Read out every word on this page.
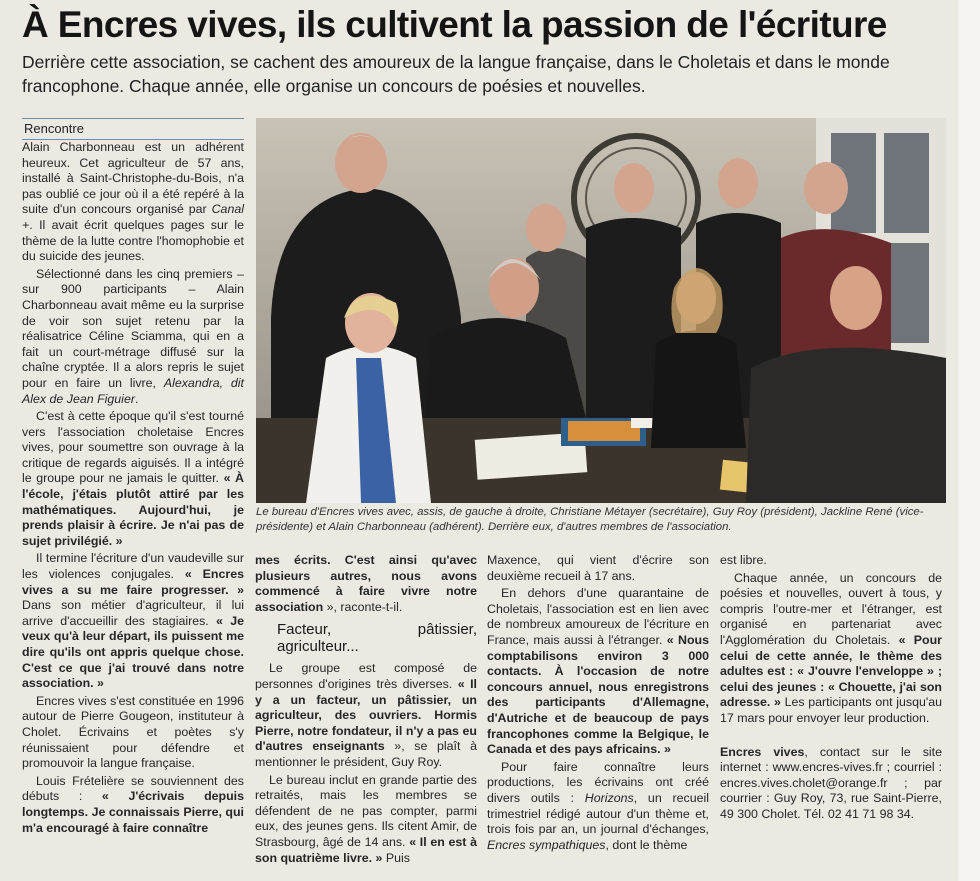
À Encres vives, ils cultivent la passion de l'écriture
Derrière cette association, se cachent des amoureux de la langue française, dans le Choletais et dans le monde francophone. Chaque année, elle organise un concours de poésies et nouvelles.
Rencontre
Le bureau d'Encres vives avec, assis, de gauche à droite, Christiane Métayer (secrétaire), Guy Roy (président), Jackline René (vice-présidente) et Alain Charbonneau (adhérent). Derrière eux, d'autres membres de l'association.

Alain Charbonneau est un adhérent heureux. Cet agriculteur de 57 ans, installé à Saint-Christophe-du-Bois, n'a pas oublié ce jour où il a été repéré à la suite d'un concours organisé par Canal +. Il avait écrit quelques pages sur le thème de la lutte contre l'homophobie et du suicide des jeunes.

Sélectionné dans les cinq premiers – sur 900 participants – Alain Charbonneau avait même eu la surprise de voir son sujet retenu par la réalisatrice Céline Sciamma, qui en a fait un court-métrage diffusé sur la chaîne cryptée. Il a alors repris le sujet pour en faire un livre, Alexandra, dit Alex de Jean Figuier.

C'est à cette époque qu'il s'est tourné vers l'association choletaise Encres vives, pour soumettre son ouvrage à la critique de regards aiguisés. Il a intégré le groupe pour ne jamais le quitter. « À l'école, j'étais plutôt attiré par les mathématiques. Aujourd'hui, je prends plaisir à écrire. Je n'ai pas de sujet privilégié. »

Il termine l'écriture d'un vaudeville sur les violences conjugales. « Encres vives a su me faire progresser. » Dans son métier d'agriculteur, il lui arrive d'accueillir des stagiaires. « Je veux qu'à leur départ, ils puissent me dire qu'ils ont appris quelque chose. C'est ce que j'ai trouvé dans notre association. »

Encres vives s'est constituée en 1996 autour de Pierre Gougeon, instituteur à Cholet. Écrivains et poètes s'y réunissaient pour défendre et promouvoir la langue française.

Louis Frételière se souviennent des débuts : « J'écrivais depuis longtemps. Je connaissais Pierre, qui m'a encouragé à faire connaître

mes écrits. C'est ainsi qu'avec plusieurs autres, nous avons commencé à faire vivre notre association », raconte-t-il.

Facteur, pâtissier, agriculteur...

Le groupe est composé de personnes d'origines très diverses. « Il y a un facteur, un pâtissier, un agriculteur, des ouvriers. Hormis Pierre, notre fondateur, il n'y a pas eu d'autres enseignants », se plaît à mentionner le président, Guy Roy.

Le bureau inclut en grande partie des retraités, mais les membres se défendent de ne pas compter, parmi eux, des jeunes gens. Ils citent Amir, de Strasbourg, âgé de 14 ans. « Il en est à son quatrième livre. » Puis

Maxence, qui vient d'écrire son deuxième recueil à 17 ans.

En dehors d'une quarantaine de Choletais, l'association est en lien avec de nombreux amoureux de l'écriture en France, mais aussi à l'étranger. « Nous comptabilisons environ 3 000 contacts. À l'occasion de notre concours annuel, nous enregistrons des participants d'Allemagne, d'Autriche et de beaucoup de pays francophones comme la Belgique, le Canada et des pays africains. »

Pour faire connaître leurs productions, les écrivains ont créé divers outils : Horizons, un recueil trimestriel rédigé autour d'un thème et, trois fois par an, un journal d'échanges, Encres sympathiques, dont le thème

est libre.

Chaque année, un concours de poésies et nouvelles, ouvert à tous, y compris l'outre-mer et l'étranger, est organisé en partenariat avec l'Agglomération du Choletais. « Pour celui de cette année, le thème des adultes est : « J'ouvre l'enveloppe » ; celui des jeunes : « Chouette, j'ai son adresse. » Les participants ont jusqu'au 17 mars pour envoyer leur production.

Encres vives, contact sur le site internet : www.encres-vives.fr ; courriel : encres.vives.cholet@orange.fr ; par courrier : Guy Roy, 73, rue Saint-Pierre, 49 300 Cholet. Tél. 02 41 71 98 34.
